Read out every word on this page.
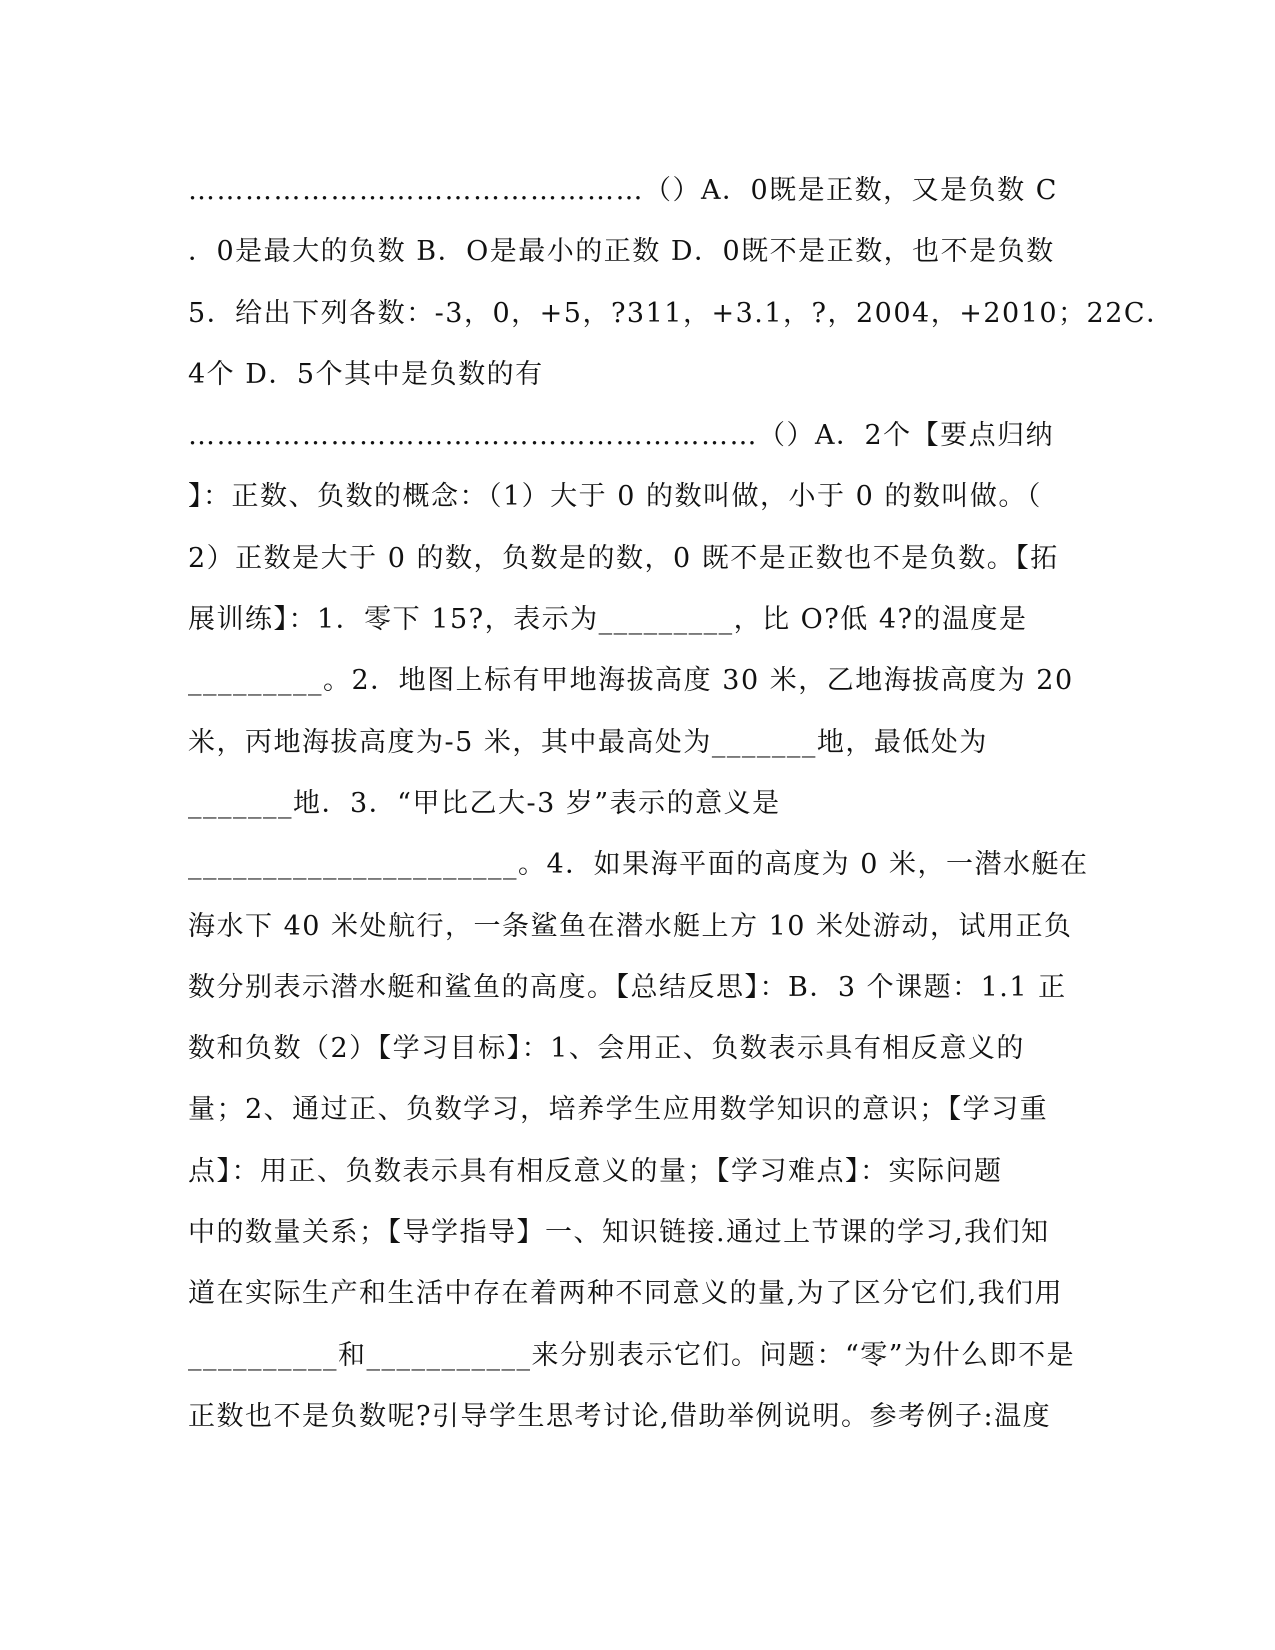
…………………………………………（）A．0既是正数，又是负数 C
．0是最大的负数 B．O是最小的正数 D．0既不是正数，也不是负数
5．给出下列各数：-3，0，+5，?311，+3.1，?，2004，+2010；22C．
4个 D．5个其中是负数的有
……………………………………………………（）A．2个【要点归纳
】：正数、负数的概念：（1）大于 0 的数叫做，小于 0 的数叫做。（
2）正数是大于 0 的数，负数是的数，0 既不是正数也不是负数。【拓
展训练】：1．零下 15?，表示为_________，比 O?低 4?的温度是
_________。2．地图上标有甲地海拔高度 30 米，乙地海拔高度为 20
米，丙地海拔高度为-5 米，其中最高处为_______地，最低处为
_______地．3．“甲比乙大-3 岁”表示的意义是
______________________。4．如果海平面的高度为 0 米，一潜水艇在
海水下 40 米处航行，一条鲨鱼在潜水艇上方 10 米处游动，试用正负
数分别表示潜水艇和鲨鱼的高度。【总结反思】：B．3 个课题：1.1 正
数和负数（2）【学习目标】：1、会用正、负数表示具有相反意义的
量；2、通过正、负数学习，培养学生应用数学知识的意识；【学习重
点】：用正、负数表示具有相反意义的量；【学习难点】：实际问题
中的数量关系；【导学指导】一、知识链接.通过上节课的学习,我们知
道在实际生产和生活中存在着两种不同意义的量,为了区分它们,我们用
__________和___________来分别表示它们。问题：“零”为什么即不是
正数也不是负数呢?引导学生思考讨论,借助举例说明。参考例子:温度
